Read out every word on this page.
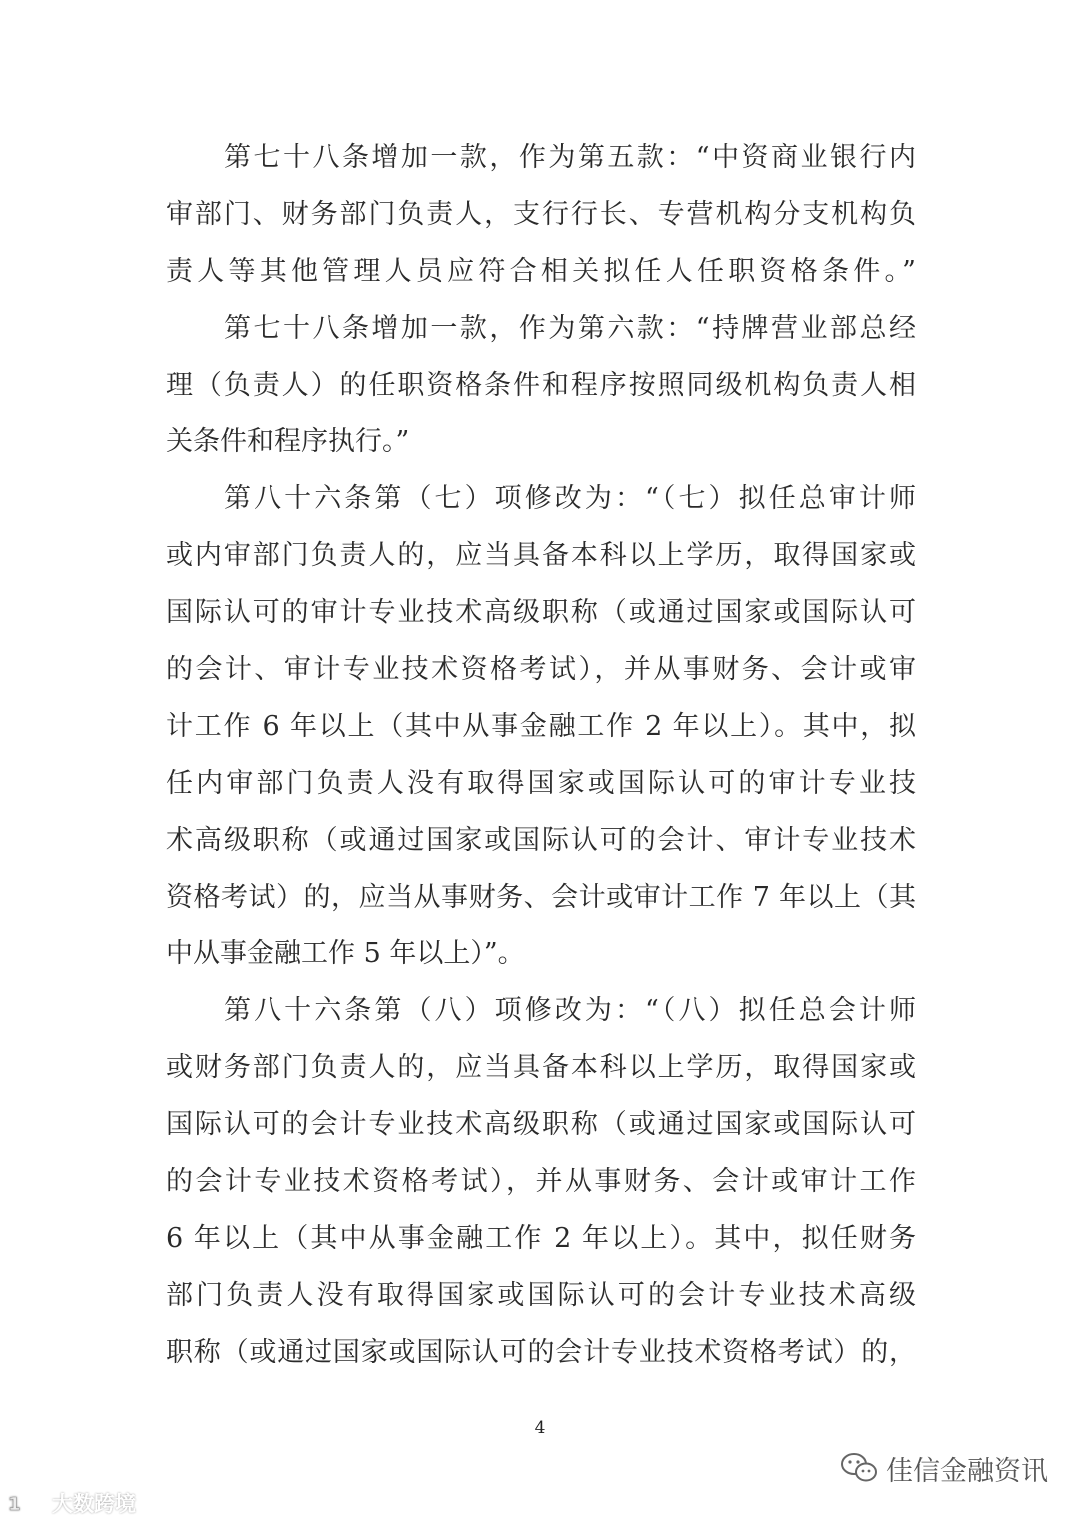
第七十八条增加一款，作为第五款：“中资商业银行内
审部门、财务部门负责人，支行行长、专营机构分支机构负
责人等其他管理人员应符合相关拟任人任职资格条件。”
第七十八条增加一款，作为第六款：“持牌营业部总经
理（负责人）的任职资格条件和程序按照同级机构负责人相
关条件和程序执行。”
第八十六条第（七）项修改为：“（七）拟任总审计师
或内审部门负责人的，应当具备本科以上学历，取得国家或
国际认可的审计专业技术高级职称（或通过国家或国际认可
的会计、审计专业技术资格考试），并从事财务、会计或审
计工作 6 年以上（其中从事金融工作 2 年以上）。其中，拟
任内审部门负责人没有取得国家或国际认可的审计专业技
术高级职称（或通过国家或国际认可的会计、审计专业技术
资格考试）的，应当从事财务、会计或审计工作 7 年以上（其
中从事金融工作 5 年以上）”。
第八十六条第（八）项修改为：“（八）拟任总会计师
或财务部门负责人的，应当具备本科以上学历，取得国家或
国际认可的会计专业技术高级职称（或通过国家或国际认可
的会计专业技术资格考试），并从事财务、会计或审计工作
6 年以上（其中从事金融工作 2 年以上）。其中，拟任财务
部门负责人没有取得国家或国际认可的会计专业技术高级
职称（或通过国家或国际认可的会计专业技术资格考试）的，
4
1 大数跨境
佳信金融资讯
